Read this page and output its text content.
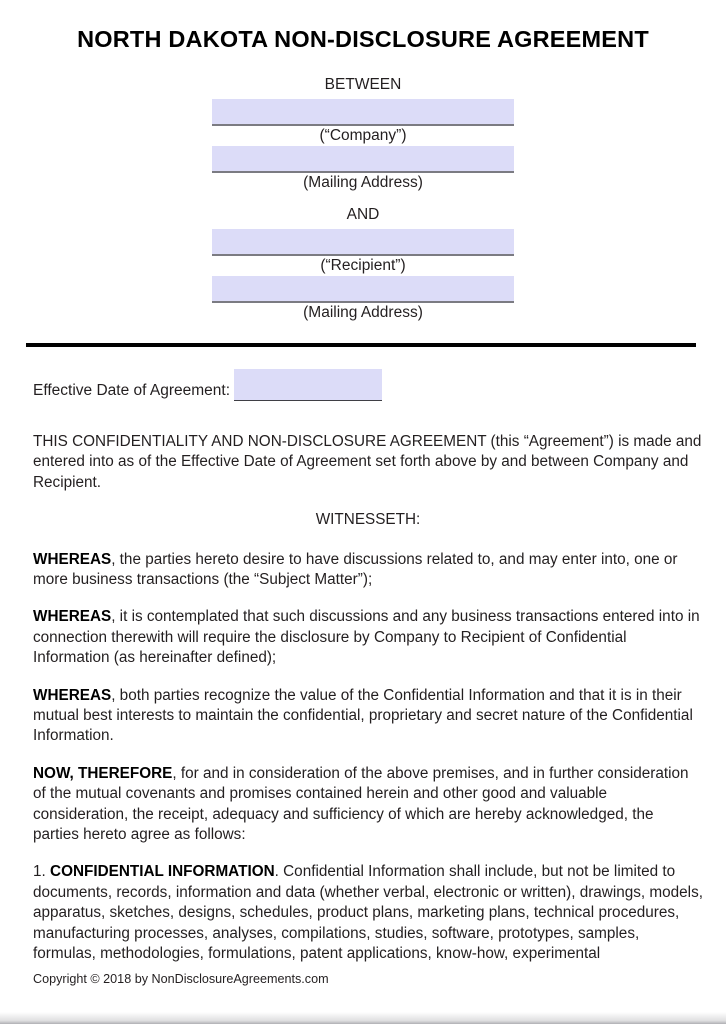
NORTH DAKOTA NON-DISCLOSURE AGREEMENT
BETWEEN
(“Company”)
(Mailing Address)
AND
(“Recipient”)
(Mailing Address)
Effective Date of Agreement:

THIS CONFIDENTIALITY AND NON-DISCLOSURE AGREEMENT (this “Agreement”) is made and entered into as of the Effective Date of Agreement set forth above by and between Company and Recipient.

WITNESSETH:

WHEREAS, the parties hereto desire to have discussions related to, and may enter into, one or more business transactions (the “Subject Matter”);

WHEREAS, it is contemplated that such discussions and any business transactions entered into in connection therewith will require the disclosure by Company to Recipient of Confidential Information (as hereinafter defined);

WHEREAS, both parties recognize the value of the Confidential Information and that it is in their mutual best interests to maintain the confidential, proprietary and secret nature of the Confidential Information.

NOW, THEREFORE, for and in consideration of the above premises, and in further consideration of the mutual covenants and promises contained herein and other good and valuable consideration, the receipt, adequacy and sufficiency of which are hereby acknowledged, the parties hereto agree as follows:

1. CONFIDENTIAL INFORMATION. Confidential Information shall include, but not be limited to documents, records, information and data (whether verbal, electronic or written), drawings, models, apparatus, sketches, designs, schedules, product plans, marketing plans, technical procedures, manufacturing processes, analyses, compilations, studies, software, prototypes, samples, formulas, methodologies, formulations, patent applications, know-how, experimental

Copyright © 2018 by NonDisclosureAgreements.com
